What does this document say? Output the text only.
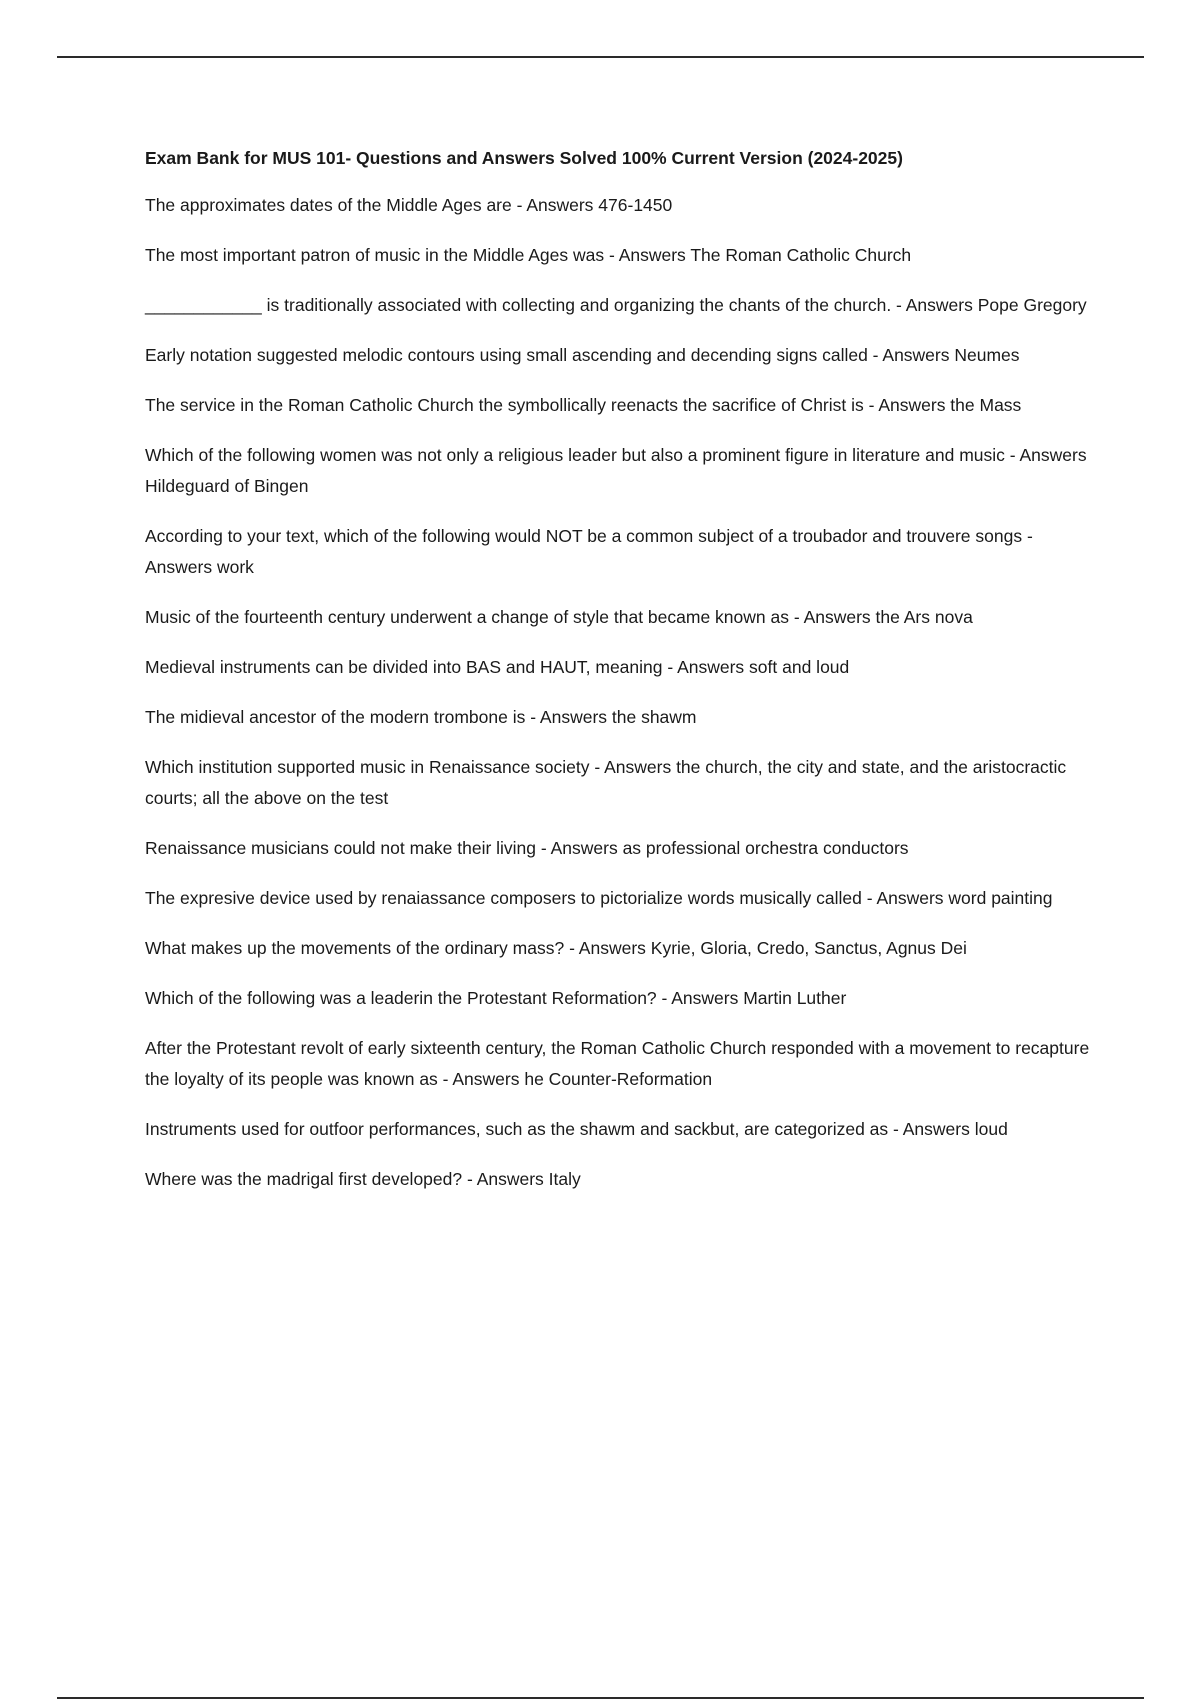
Exam Bank for MUS 101- Questions and Answers Solved 100% Current Version (2024-2025)

The approximates dates of the Middle Ages are - Answers 476-1450

The most important patron of music in the Middle Ages was - Answers The Roman Catholic Church

____________ is traditionally associated with collecting and organizing the chants of the church. - Answers Pope Gregory

Early notation suggested melodic contours using small ascending and decending signs called - Answers Neumes

The service in the Roman Catholic Church the symbollically reenacts the sacrifice of Christ is - Answers the Mass

Which of the following women was not only a religious leader but also a prominent figure in literature and music - Answers Hildeguard of Bingen

According to your text, which of the following would NOT be a common subject of a troubador and trouvere songs - Answers work

Music of the fourteenth century underwent a change of style that became known as - Answers the Ars nova

Medieval instruments can be divided into BAS and HAUT, meaning - Answers soft and loud

The midieval ancestor of the modern trombone is - Answers the shawm

Which institution supported music in Renaissance society - Answers the church, the city and state, and the aristocractic courts; all the above on the test

Renaissance musicians could not make their living - Answers as professional orchestra conductors

The expresive device used by renaiassance composers to pictorialize words musically called - Answers word painting

What makes up the movements of the ordinary mass? - Answers Kyrie, Gloria, Credo, Sanctus, Agnus Dei

Which of the following was a leaderin the Protestant Reformation? - Answers Martin Luther

After the Protestant revolt of early sixteenth century, the Roman Catholic Church responded with a movement to recapture the loyalty of its people was known as - Answers he Counter-Reformation

Instruments used for outfoor performances, such as the shawm and sackbut, are categorized as - Answers loud

Where was the madrigal first developed? - Answers Italy
